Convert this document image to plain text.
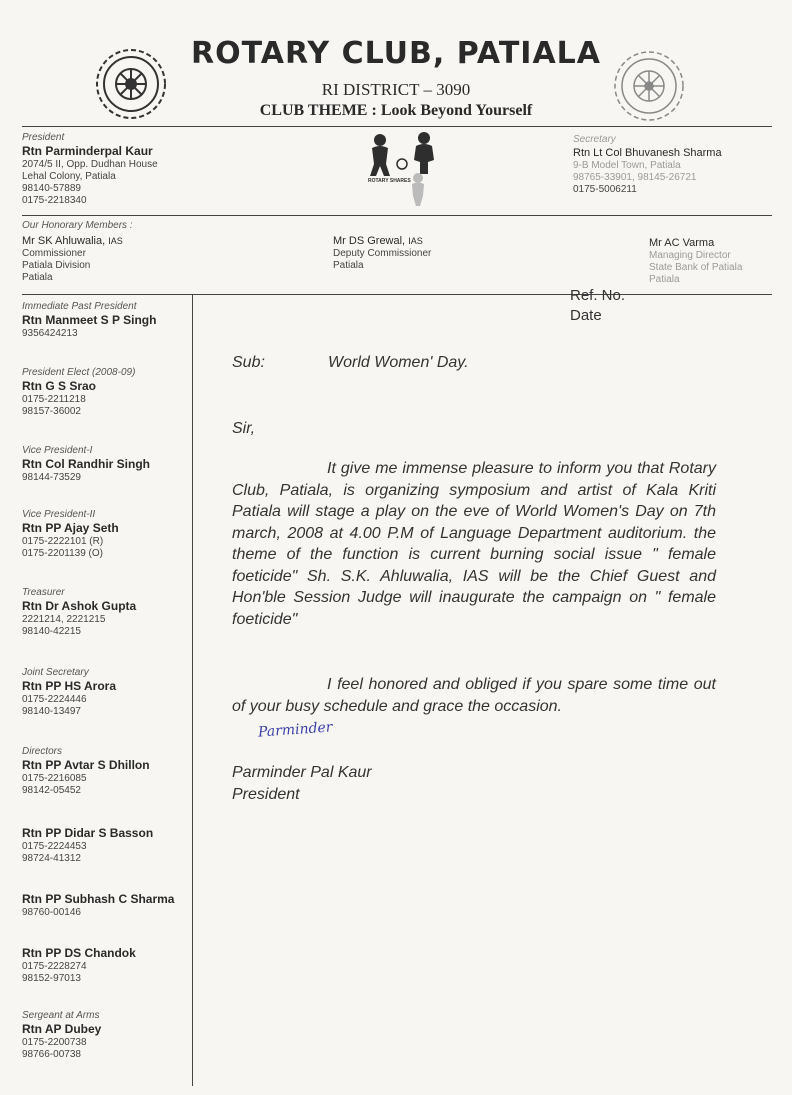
ROTARY CLUB, PATIALA
RI DISTRICT – 3090
CLUB THEME : Look Beyond Yourself
President
Rtn Parminderpal Kaur
2074/5 II, Opp. Dudhan House
Lehal Colony, Patiala
98140-57889
0175-2218340
ROTARY SHARES
Secretary
Rtn Lt Col Bhuvanesh Sharma
9-B Model Town, Patiala
98765-33901, 98145-26721
0175-5006211
Our Honorary Members :
Mr SK Ahluwalia, IAS
Commissioner
Patiala Division
Patiala
Mr DS Grewal, IAS
Deputy Commissioner
Patiala
Mr AC Varma
Managing Director
State Bank of Patiala
Patiala
Immediate Past President
Rtn Manmeet S P Singh
9356424213
President Elect (2008-09)
Rtn G S Srao
0175-2211218
98157-36002
Vice President-I
Rtn Col Randhir Singh
98144-73529
Vice President-II
Rtn PP Ajay Seth
0175-2222101 (R)
0175-2201139 (O)
Treasurer
Rtn Dr Ashok Gupta
2221214, 2221215
98140-42215
Joint Secretary
Rtn PP HS Arora
0175-2224446
98140-13497
Directors
Rtn PP Avtar S Dhillon
0175-2216085
98142-05452
Rtn PP Didar S Basson
0175-2224453
98724-41312
Rtn PP Subhash C Sharma
98760-00146
Rtn PP DS Chandok
0175-2228274
98152-97013
Sergeant at Arms
Rtn AP Dubey
0175-2200738
98766-00738
Ref. No.
Date
Sub:	World Women' Day.
Sir,
It give me immense pleasure to inform you that Rotary Club, Patiala, is organizing symposium and artist of Kala Kriti Patiala will stage a play on the eve of World Women's Day on 7th march, 2008 at 4.00 P.M of Language Department auditorium. the theme of the function is current burning social issue " female foeticide" Sh. S.K. Ahluwalia, IAS will be the Chief Guest and Hon'ble Session Judge will inaugurate the campaign on " female foeticide"
I feel honored and obliged if you spare some time out of your busy schedule and grace the occasion.
Parminder
Parminder Pal Kaur
President
